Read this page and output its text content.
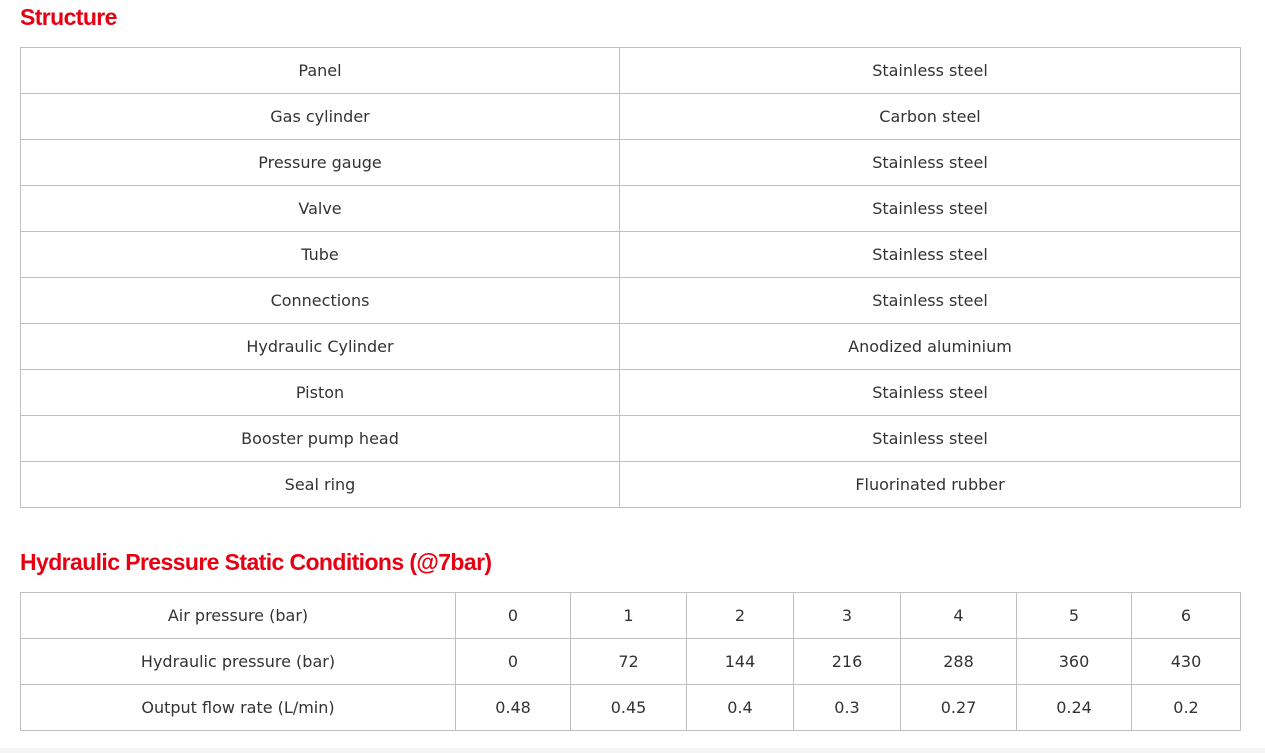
Structure
Panel	Stainless steel
Gas cylinder	Carbon steel
Pressure gauge	Stainless steel
Valve	Stainless steel
Tube	Stainless steel
Connections	Stainless steel
Hydraulic Cylinder	Anodized aluminium
Piston	Stainless steel
Booster pump head	Stainless steel
Seal ring	Fluorinated rubber
Hydraulic Pressure Static Conditions (@7bar)
Air pressure (bar)	0	1	2	3	4	5	6
Hydraulic pressure (bar)	0	72	144	216	288	360	430
Output flow rate (L/min)	0.48	0.45	0.4	0.3	0.27	0.24	0.2
